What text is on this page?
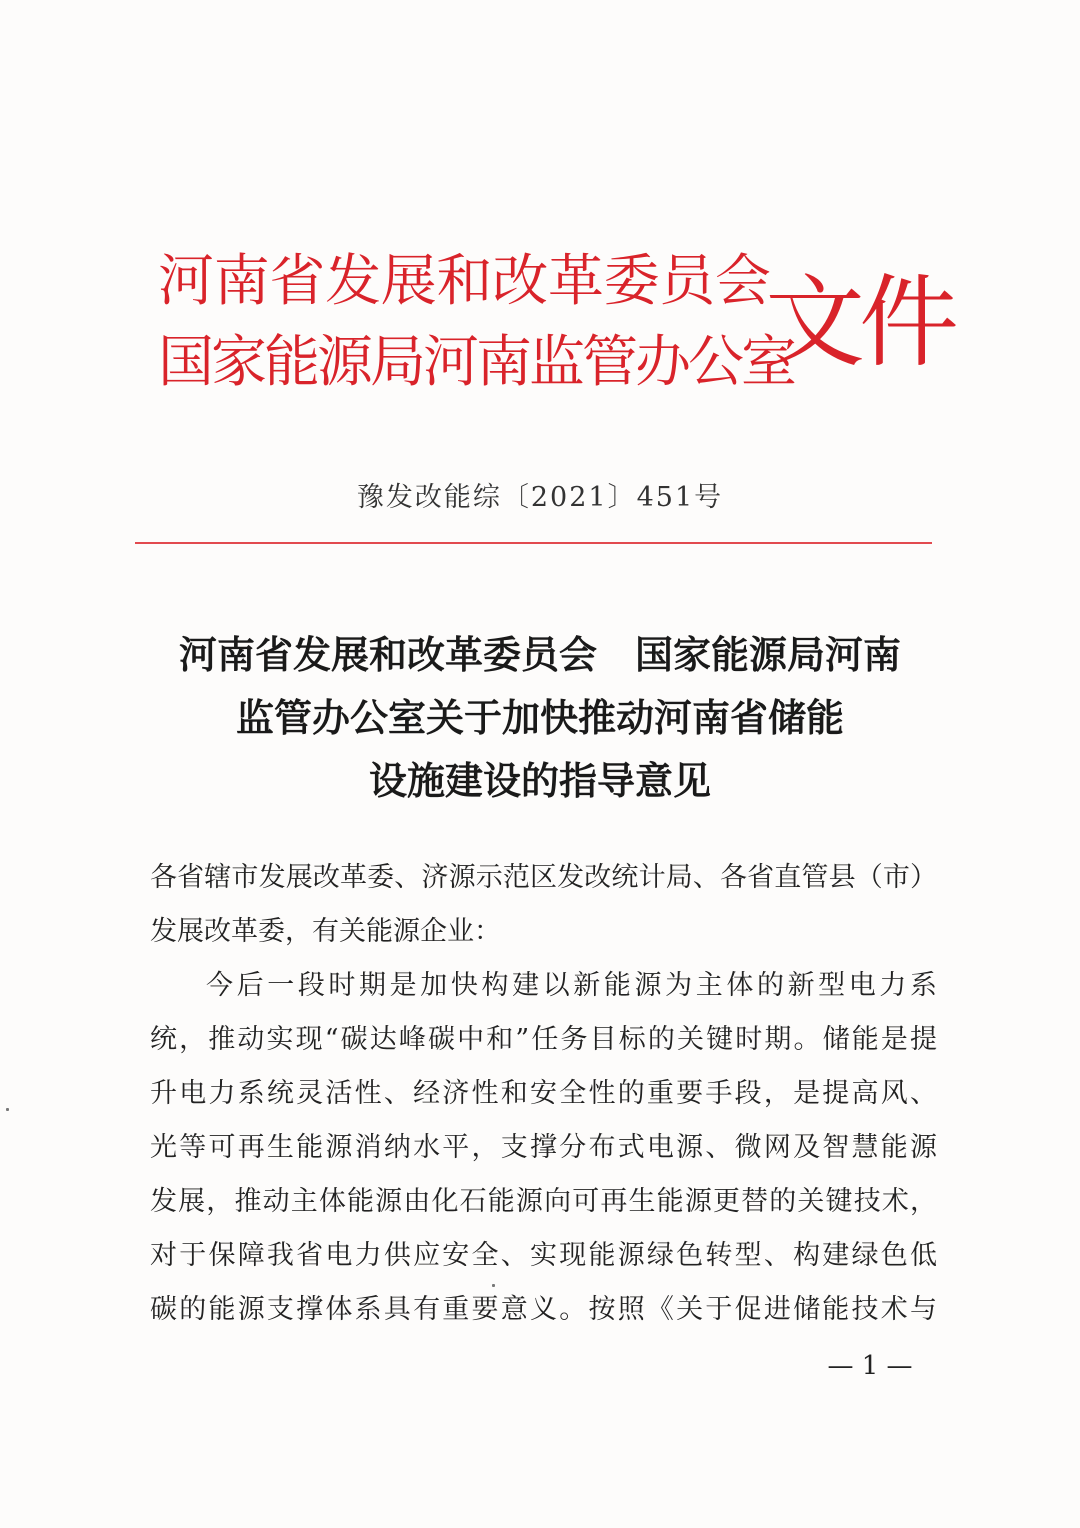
河南省发展和改革委员会
国家能源局河南监管办公室
文件
豫发改能综〔2021〕451号
河南省发展和改革委员会　国家能源局河南
监管办公室关于加快推动河南省储能
设施建设的指导意见
各省辖市发展改革委、济源示范区发改统计局、各省直管县（市）
发展改革委，有关能源企业：
今后一段时期是加快构建以新能源为主体的新型电力系
统，推动实现“碳达峰碳中和”任务目标的关键时期。储能是提
升电力系统灵活性、经济性和安全性的重要手段，是提高风、
光等可再生能源消纳水平，支撑分布式电源、微网及智慧能源
发展，推动主体能源由化石能源向可再生能源更替的关键技术，
对于保障我省电力供应安全、实现能源绿色转型、构建绿色低
碳的能源支撑体系具有重要意义。按照《关于促进储能技术与
— 1 —
